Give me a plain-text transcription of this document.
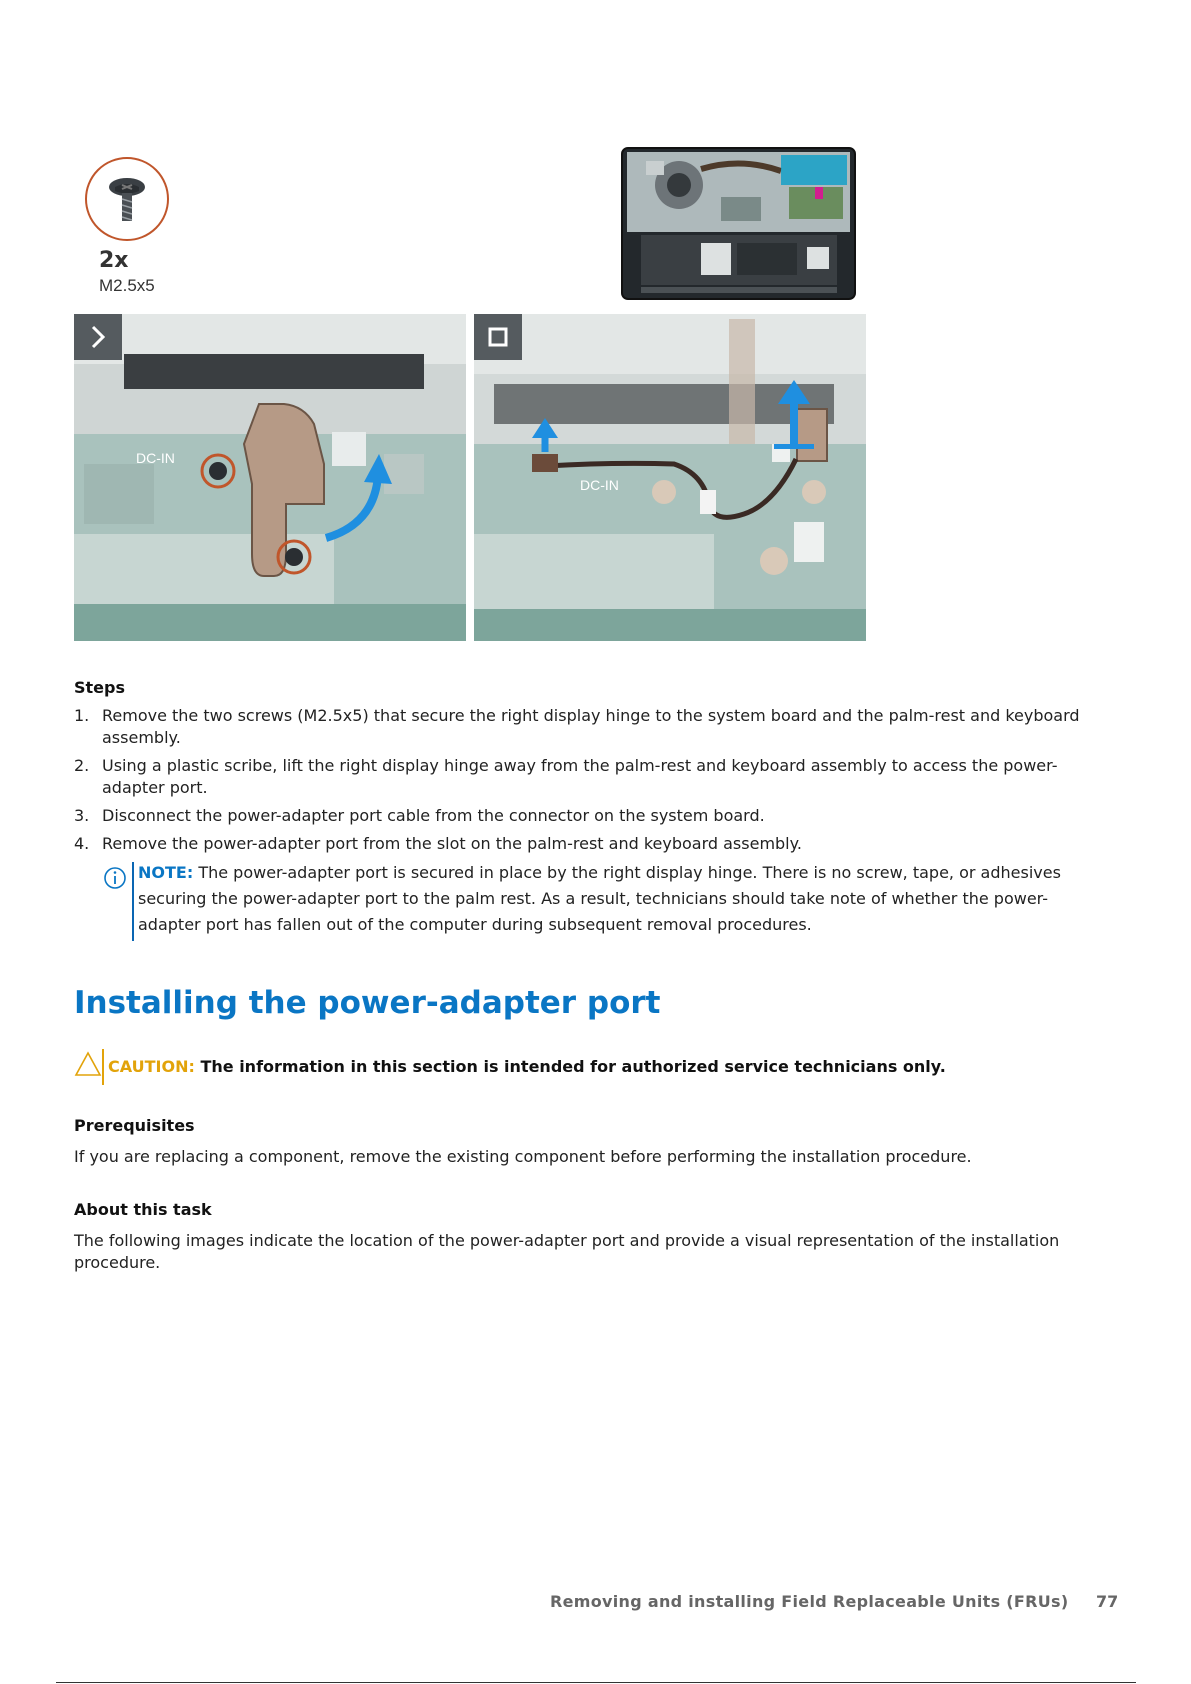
2x
M2.5x5
DC-IN
DC-IN
Steps
1. Remove the two screws (M2.5x5) that secure the right display hinge to the system board and the palm-rest and keyboard assembly.
2. Using a plastic scribe, lift the right display hinge away from the palm-rest and keyboard assembly to access the power-adapter port.
3. Disconnect the power-adapter port cable from the connector on the system board.
4. Remove the power-adapter port from the slot on the palm-rest and keyboard assembly.
NOTE: The power-adapter port is secured in place by the right display hinge. There is no screw, tape, or adhesives securing the power-adapter port to the palm rest. As a result, technicians should take note of whether the power-adapter port has fallen out of the computer during subsequent removal procedures.
Installing the power-adapter port
CAUTION: The information in this section is intended for authorized service technicians only.
Prerequisites
If you are replacing a component, remove the existing component before performing the installation procedure.
About this task
The following images indicate the location of the power-adapter port and provide a visual representation of the installation procedure.
Removing and installing Field Replaceable Units (FRUs) 77
